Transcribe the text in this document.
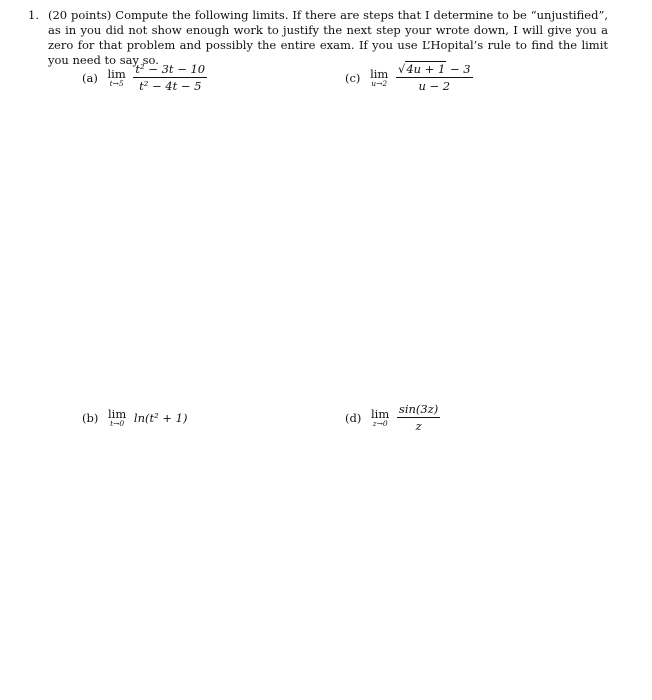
1. (20 points) Compute the following limits. If there are steps that I determine to be “unjustified”, as in you did not show enough work to justify the next step your wrote down, I will give you a zero for that problem and possibly the entire exam. If you use L’Hopital’s rule to find the limit you need to say so.
(a) lim
t→5
$\frac{\text{t² − 3t − 10}}{\text{t² − 4t − 5}}$	(c) lim
u→2
$\frac{√4u + 1 - 3}{u - 2}$
(b) lim
t→0 ln(t² + 1)	(d) lim
z→0
$\frac{\sin(3z)}{z}$
